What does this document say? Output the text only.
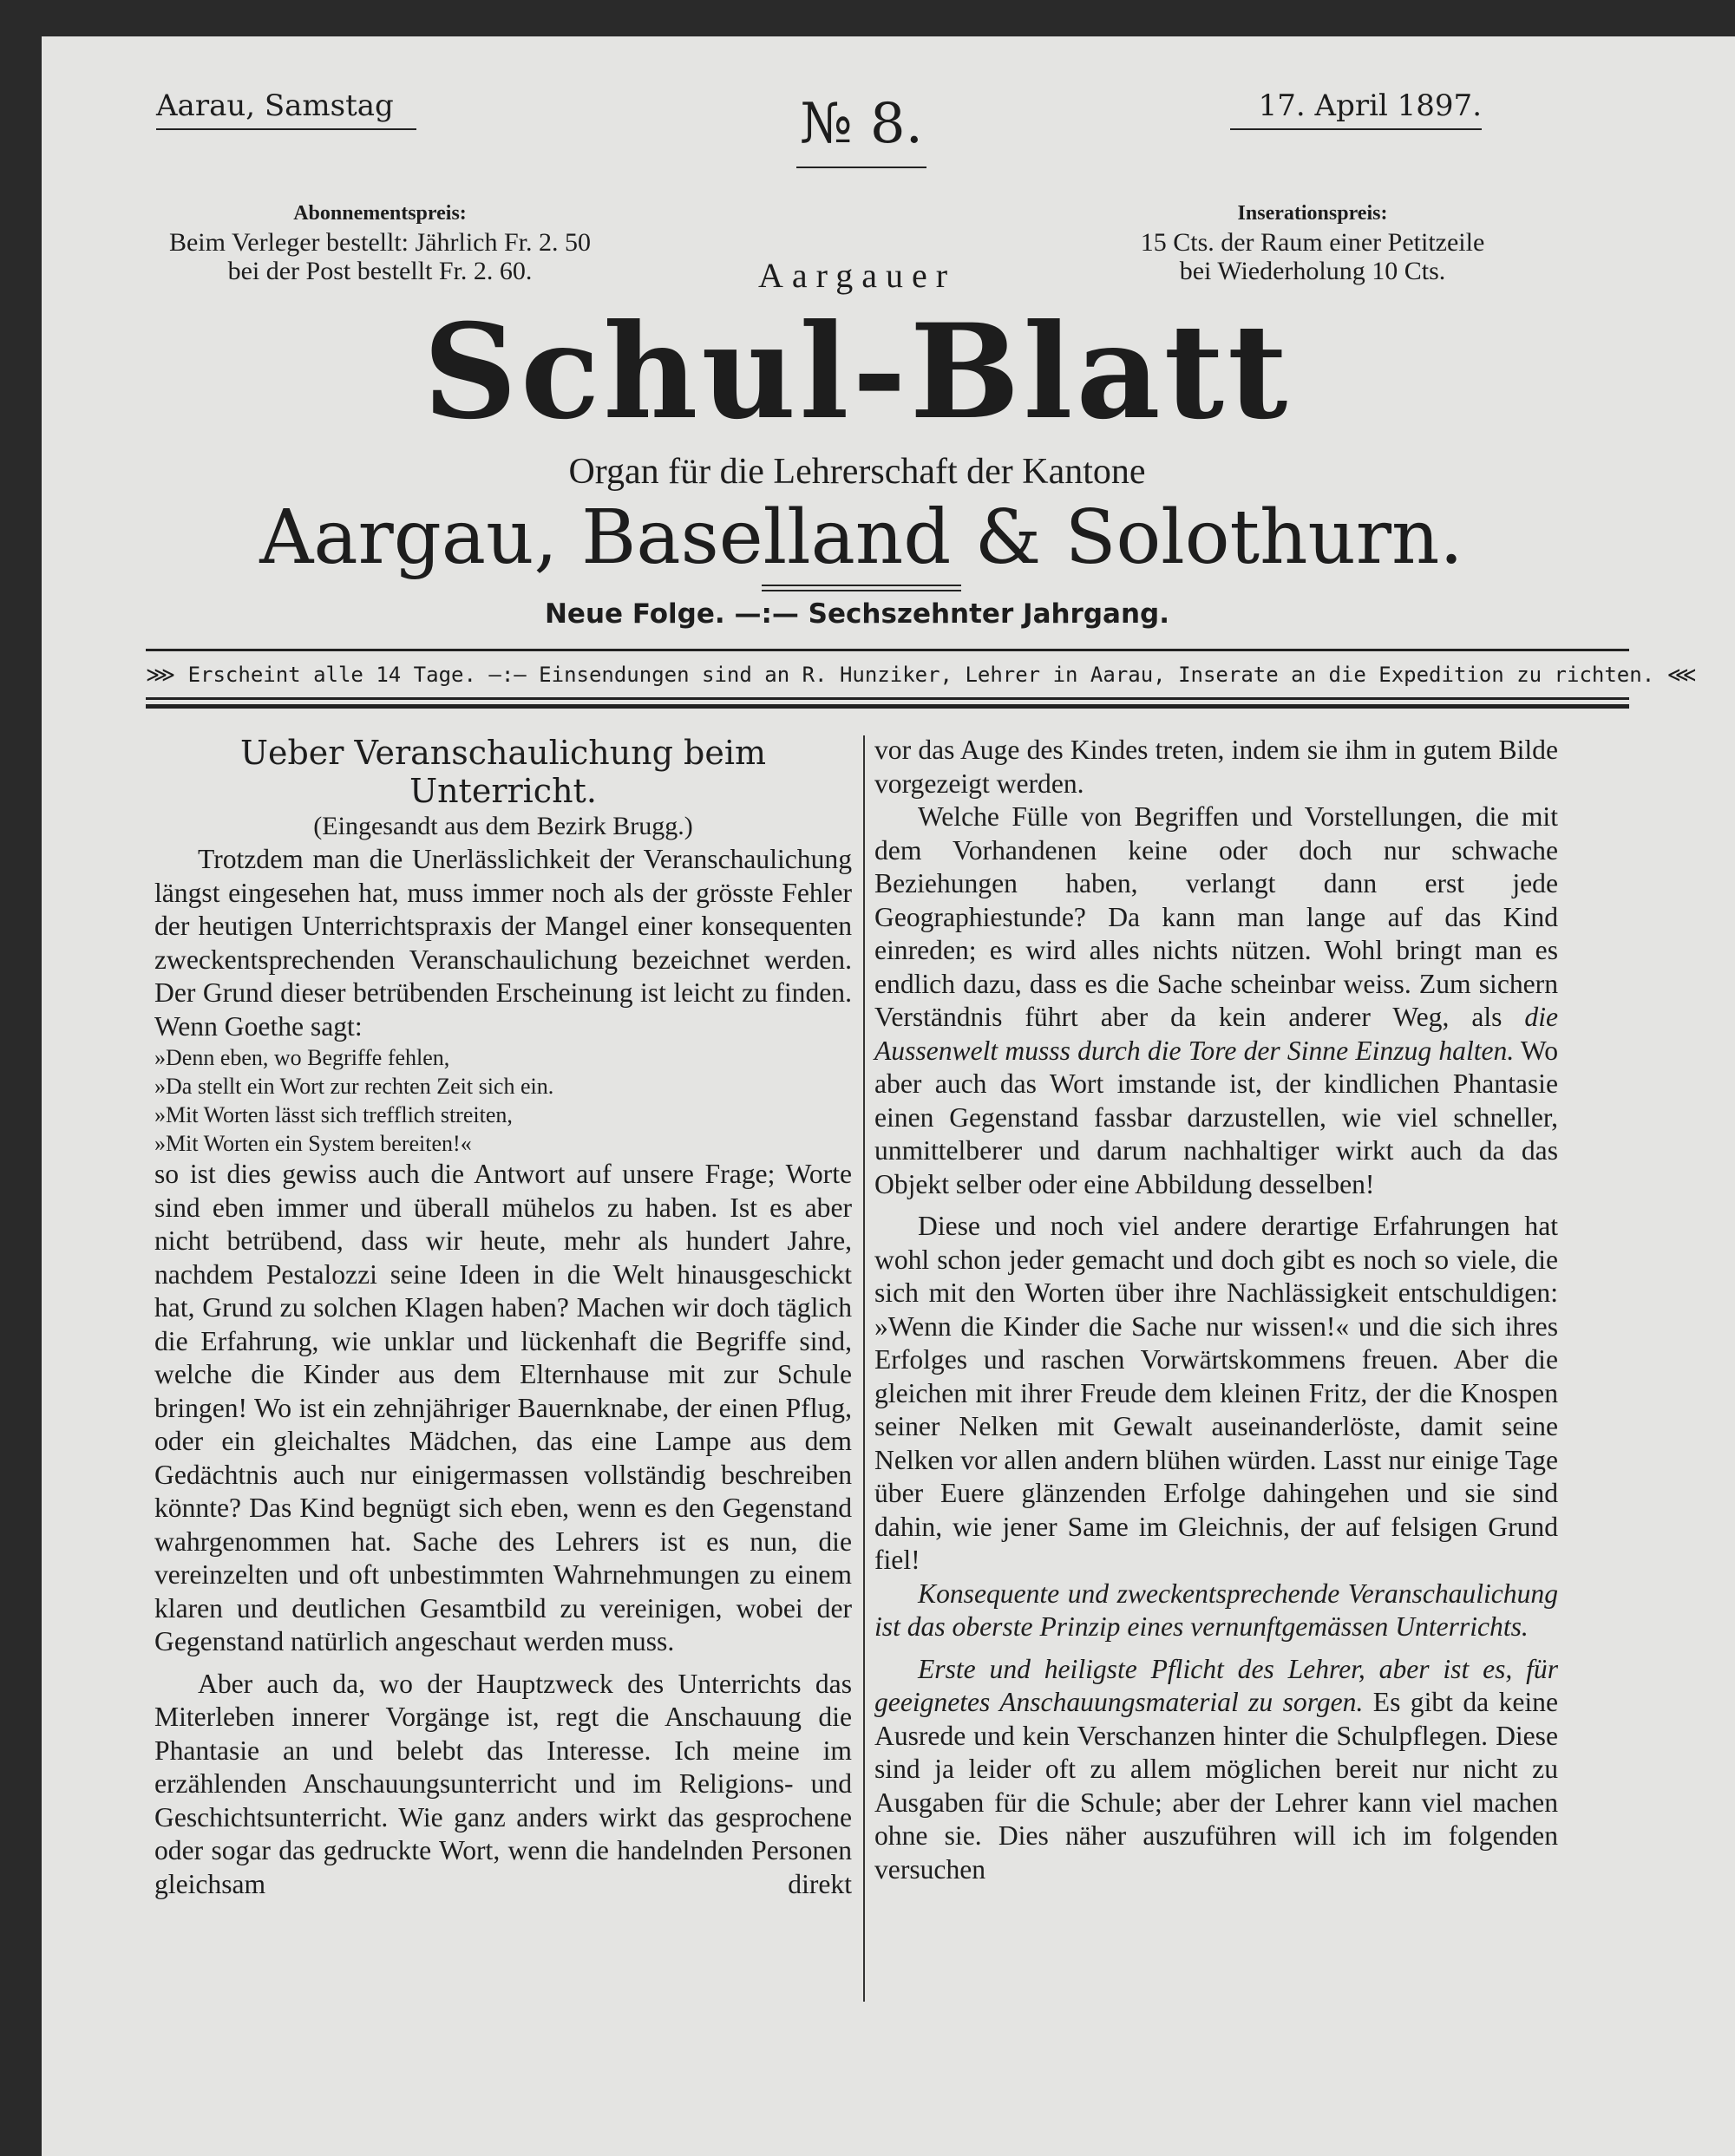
Aarau, Samstag	№ 8.	17. April 1897.
Abonnementspreis:
Beim Verleger bestellt: Jährlich Fr. 2. 50
bei der Post bestellt Fr. 2. 60.
Inserationspreis:
15 Cts. der Raum einer Petitzeile
bei Wiederholung 10 Cts.
Aargauer
Schul-Blatt
Organ für die Lehrerschaft der Kantone
Aargau, Baselland & Solothurn.
Neue Folge. —:— Sechszehnter Jahrgang.
⋙ Erscheint alle 14 Tage. —:— Einsendungen sind an R. Hunziker, Lehrer in Aarau, Inserate an die Expedition zu richten. ⋘
Ueber Veranschaulichung beim Unterricht.
(Eingesandt aus dem Bezirk Brugg.)

Trotzdem man die Unerlässlichkeit der Veranschaulichung längst eingesehen hat, muss immer noch als der grösste Fehler der heutigen Unterrichtspraxis der Mangel einer konsequenten zweckentsprechenden Veranschaulichung bezeichnet werden. Der Grund dieser betrübenden Erscheinung ist leicht zu finden. Wenn Goethe sagt:

»Denn eben, wo Begriffe fehlen,

»Da stellt ein Wort zur rechten Zeit sich ein.

»Mit Worten lässt sich trefflich streiten,

»Mit Worten ein System bereiten!«

so ist dies gewiss auch die Antwort auf unsere Frage; Worte sind eben immer und überall mühelos zu haben. Ist es aber nicht betrübend, dass wir heute, mehr als hundert Jahre, nachdem Pestalozzi seine Ideen in die Welt hinausgeschickt hat, Grund zu solchen Klagen haben? Machen wir doch täglich die Erfahrung, wie unklar und lückenhaft die Begriffe sind, welche die Kinder aus dem Elternhause mit zur Schule bringen! Wo ist ein zehnjähriger Bauernknabe, der einen Pflug, oder ein gleichaltes Mädchen, das eine Lampe aus dem Gedächtnis auch nur einigermassen vollständig beschreiben könnte? Das Kind begnügt sich eben, wenn es den Gegenstand wahrgenommen hat. Sache des Lehrers ist es nun, die vereinzelten und oft unbestimmten Wahrnehmungen zu einem klaren und deutlichen Gesamtbild zu vereinigen, wobei der Gegenstand natürlich angeschaut werden muss.

Aber auch da, wo der Hauptzweck des Unterrichts das Miterleben innerer Vorgänge ist, regt die Anschauung die Phantasie an und belebt das Interesse. Ich meine im erzählenden Anschauungsunterricht und im Religions- und Geschichtsunterricht. Wie ganz anders wirkt das gesprochene oder sogar das gedruckte Wort, wenn die handelnden Personen gleichsam direkt

vor das Auge des Kindes treten, indem sie ihm in gutem Bilde vorgezeigt werden.

Welche Fülle von Begriffen und Vorstellungen, die mit dem Vorhandenen keine oder doch nur schwache Beziehungen haben, verlangt dann erst jede Geographiestunde? Da kann man lange auf das Kind einreden; es wird alles nichts nützen. Wohl bringt man es endlich dazu, dass es die Sache scheinbar weiss. Zum sichern Verständnis führt aber da kein anderer Weg, als die Aussenwelt musss durch die Tore der Sinne Einzug halten. Wo aber auch das Wort imstande ist, der kindlichen Phantasie einen Gegenstand fassbar darzustellen, wie viel schneller, unmittelberer und darum nachhaltiger wirkt auch da das Objekt selber oder eine Abbildung desselben!

Diese und noch viel andere derartige Erfahrungen hat wohl schon jeder gemacht und doch gibt es noch so viele, die sich mit den Worten über ihre Nachlässigkeit entschuldigen: »Wenn die Kinder die Sache nur wissen!« und die sich ihres Erfolges und raschen Vorwärtskommens freuen. Aber die gleichen mit ihrer Freude dem kleinen Fritz, der die Knospen seiner Nelken mit Gewalt auseinanderlöste, damit seine Nelken vor allen andern blühen würden. Lasst nur einige Tage über Euere glänzenden Erfolge dahingehen und sie sind dahin, wie jener Same im Gleichnis, der auf felsigen Grund fiel!

Konsequente und zweckentsprechende Veranschaulichung ist das oberste Prinzip eines vernunftgemässen Unterrichts.

Erste und heiligste Pflicht des Lehrer, aber ist es, für geeignetes Anschauungsmaterial zu sorgen. Es gibt da keine Ausrede und kein Verschanzen hinter die Schulpflegen. Diese sind ja leider oft zu allem möglichen bereit nur nicht zu Ausgaben für die Schule; aber der Lehrer kann viel machen ohne sie. Dies näher auszuführen will ich im folgenden versuchen
